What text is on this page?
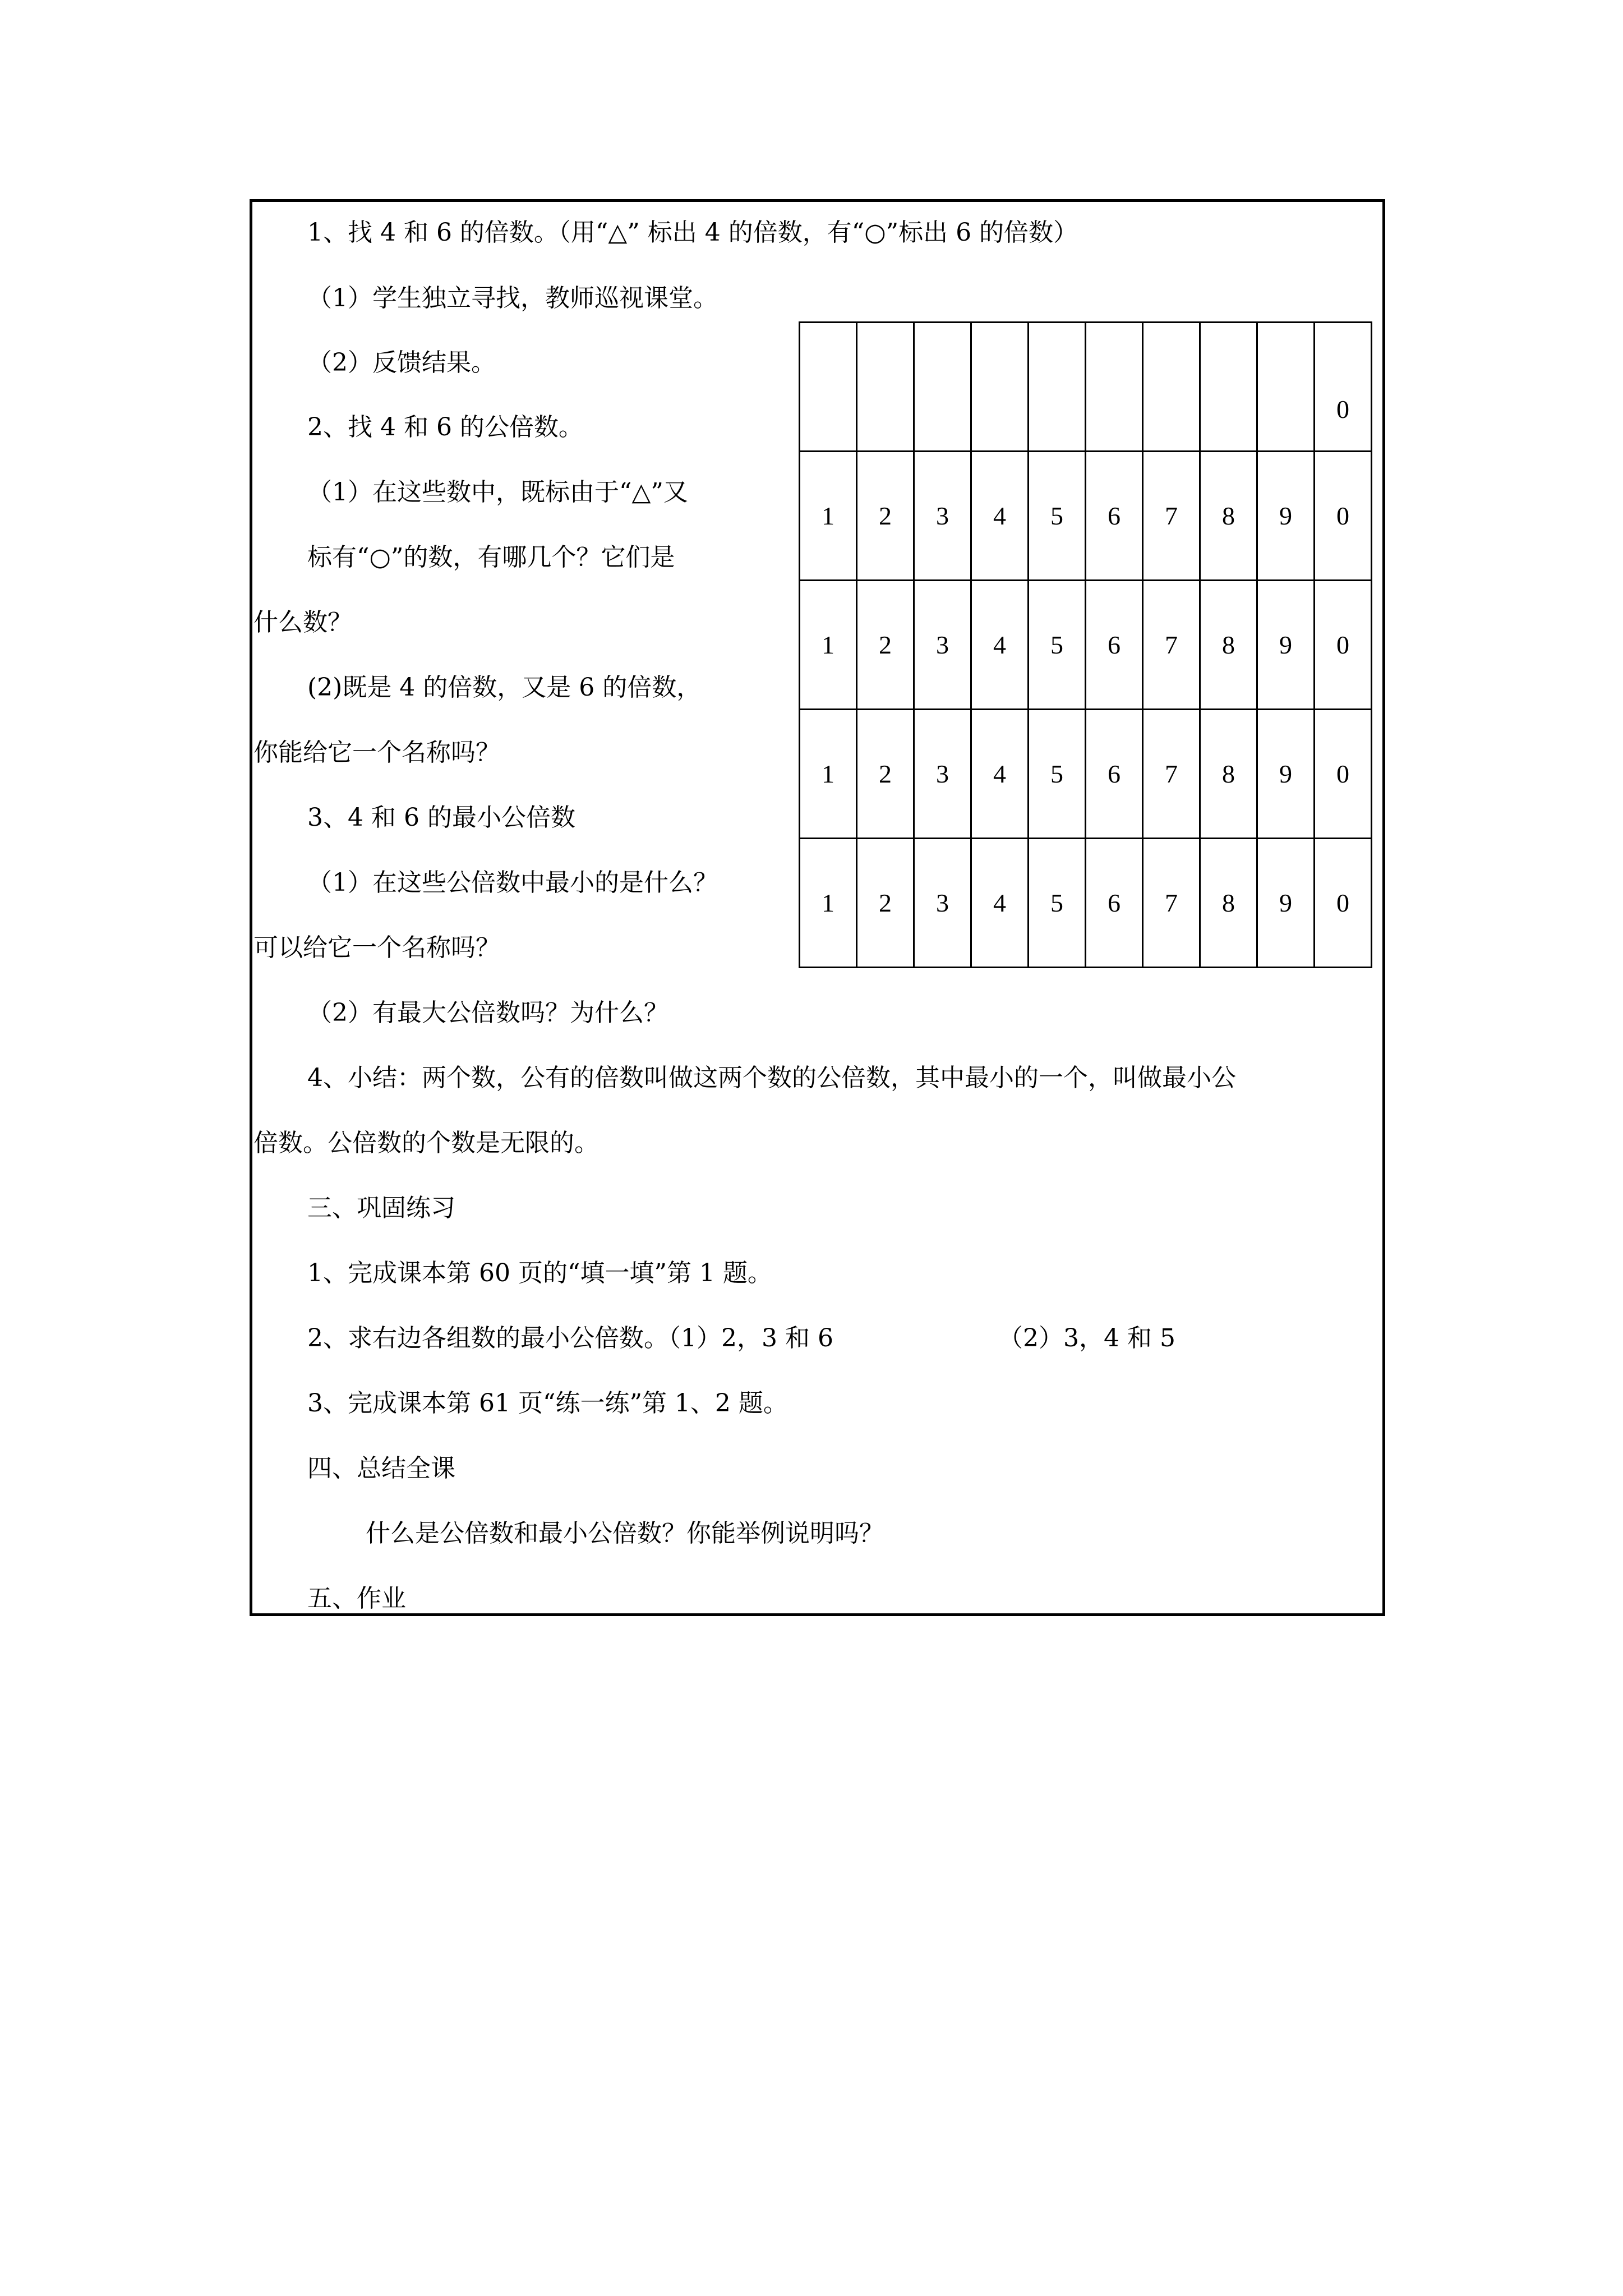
1、找 4 和 6 的倍数。（用“△” 标出 4 的倍数，有“○”标出 6 的倍数）
（1）学生独立寻找，教师巡视课堂。
（2）反馈结果。
2、找 4 和 6 的公倍数。
（1）在这些数中，既标由于“△”又
标有“○”的数，有哪几个？它们是
什么数？
(2)既是 4 的倍数，又是 6 的倍数，
你能给它一个名称吗？
3、4 和 6 的最小公倍数
（1）在这些公倍数中最小的是什么？
可以给它一个名称吗？
（2）有最大公倍数吗？为什么？
4、小结：两个数，公有的倍数叫做这两个数的公倍数，其中最小的一个，叫做最小公
倍数。公倍数的个数是无限的。
三、巩固练习
1、完成课本第 60 页的“填一填”第 1 题。
2、求右边各组数的最小公倍数。（1）2，3 和 6	（2）3，4 和 5
3、完成课本第 61 页“练一练”第 1、2 题。
四、总结全课
什么是公倍数和最小公倍数？你能举例说明吗？
五、作业
									0
1	2	3	4	5	6	7	8	9	0
1	2	3	4	5	6	7	8	9	0
1	2	3	4	5	6	7	8	9	0
1	2	3	4	5	6	7	8	9	0
